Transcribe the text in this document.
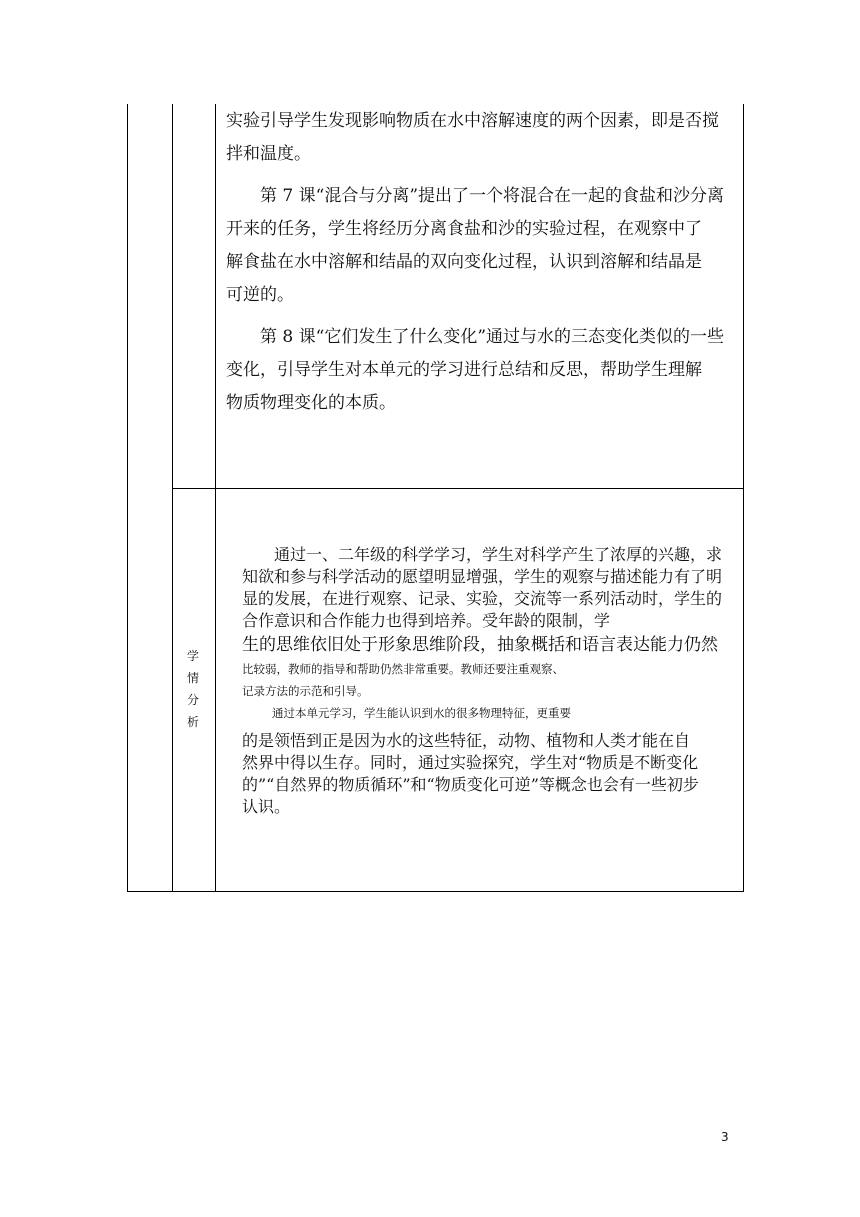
实验引导学生发现影响物质在水中溶解速度的两个因素，即是否搅
拌和温度。

第 7 课“混合与分离”提出了一个将混合在一起的食盐和沙分离
开来的任务，学生将经历分离食盐和沙的实验过程，在观察中了
解食盐在水中溶解和结晶的双向变化过程，认识到溶解和结晶是
可逆的。

第 8 课“它们发生了什么变化”通过与水的三态变化类似的一些
变化，引导学生对本单元的学习进行总结和反思，帮助学生理解
物质物理变化的本质。

学
情
分
析

通过一、二年级的科学学习，学生对科学产生了浓厚的兴趣，求
知欲和参与科学活动的愿望明显增强，学生的观察与描述能力有了明
显的发展，在进行观察、记录、实验，交流等一系列活动时，学生的
合作意识和合作能力也得到培养。受年龄的限制，学

生的思维依旧处于形象思维阶段，抽象概括和语言表达能力仍然

比较弱，教师的指导和帮助仍然非常重要。教师还要注重观察、
记录方法的示范和引导。
通过本单元学习，学生能认识到水的很多物理特征，更重要

的是领悟到正是因为水的这些特征，动物、植物和人类才能在自
然界中得以生存。同时，通过实验探究，学生对“物质是不断变化
的”“自然界的物质循环”和“物质变化可逆”等概念也会有一些初步
认识。

3
